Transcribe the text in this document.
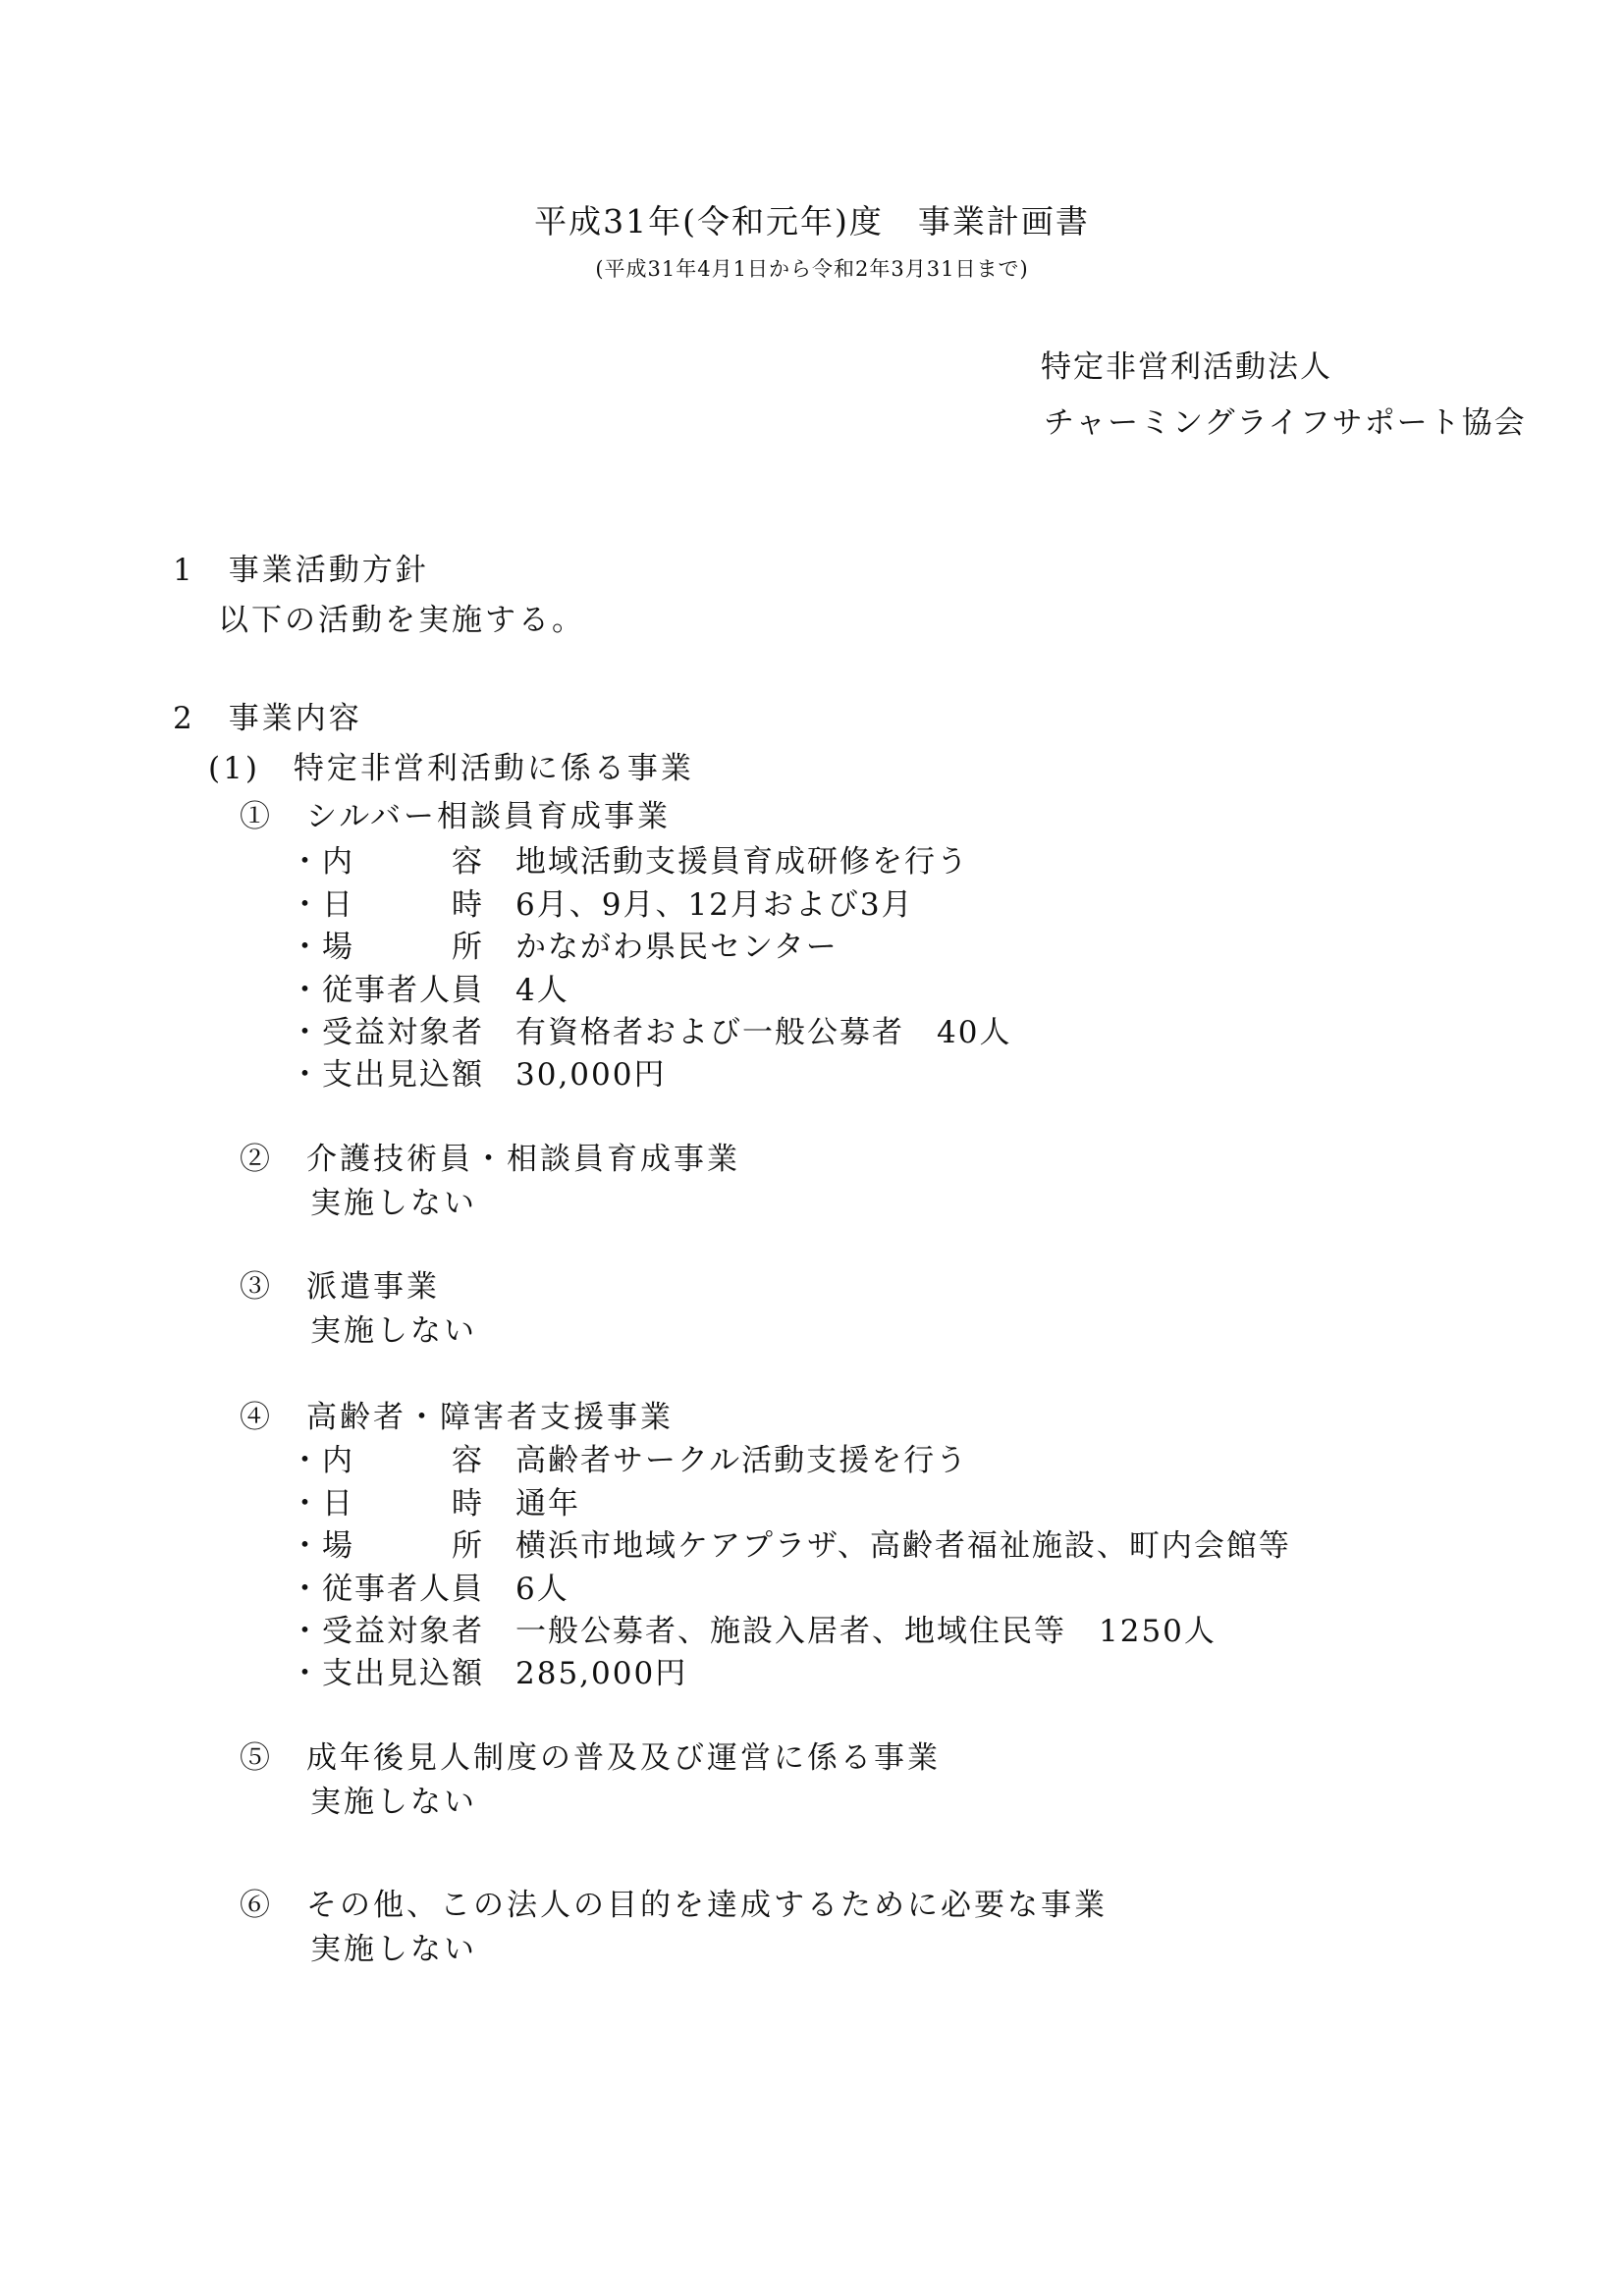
平成31年(令和元年)度　事業計画書
(平成31年4月1日から令和2年3月31日まで)
特定非営利活動法人
チャーミングライフサポート協会
1　事業活動方針
以下の活動を実施する。
2　事業内容
(1)　特定非営利活動に係る事業
①　シルバー相談員育成事業
・内　　　容 地域活動支援員育成研修を行う
・日　　　時 6月、9月、12月および3月
・場　　　所 かながわ県民センター
・従事者人員 4人
・受益対象者 有資格者および一般公募者　40人
・支出見込額 30,000円
②　介護技術員・相談員育成事業
実施しない
③　派遣事業
実施しない
④　高齢者・障害者支援事業
・内　　　容 高齢者サークル活動支援を行う
・日　　　時 通年
・場　　　所 横浜市地域ケアプラザ、高齢者福祉施設、町内会館等
・従事者人員 6人
・受益対象者 一般公募者、施設入居者、地域住民等　1250人
・支出見込額 285,000円
⑤　成年後見人制度の普及及び運営に係る事業
実施しない
⑥　その他、この法人の目的を達成するために必要な事業
実施しない
